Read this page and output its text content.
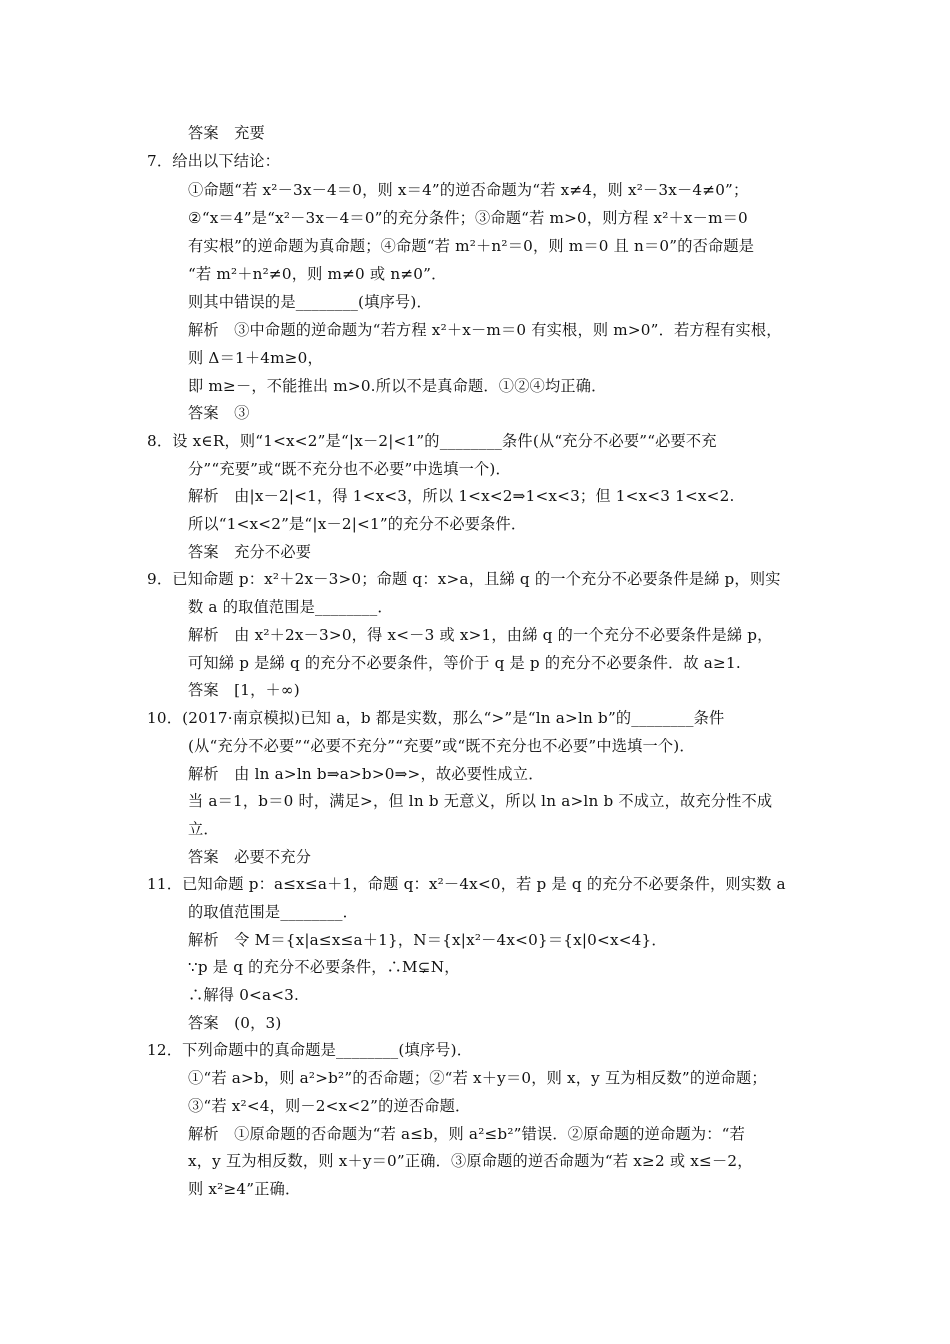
答案　充要
7．给出以下结论：
①命题“若 x²－3x－4＝0，则 x＝4”的逆否命题为“若 x≠4，则 x²－3x－4≠0”；
②“x＝4”是“x²－3x－4＝0”的充分条件；③命题“若 m>0，则方程 x²＋x－m＝0
有实根”的逆命题为真命题；④命题“若 m²＋n²＝0，则 m＝0 且 n＝0”的否命题是
“若 m²＋n²≠0，则 m≠0 或 n≠0”．
则其中错误的是________(填序号)．
解析　③中命题的逆命题为“若方程 x²＋x－m＝0 有实根，则 m>0”．若方程有实根，
则 Δ＝1＋4m≥0，
即 m≥－，不能推出 m>0.所以不是真命题．①②④均正确．
答案　③
8．设 x∈R，则“1<x<2”是“|x－2|<1”的________条件(从“充分不必要”“必要不充
分”“充要”或“既不充分也不必要”中选填一个)．
解析　由|x－2|<1，得 1<x<3，所以 1<x<2⇒1<x<3；但 1<x<3 1<x<2.
所以“1<x<2”是“|x－2|<1”的充分不必要条件．
答案　充分不必要
9．已知命题 p：x²＋2x－3>0；命题 q：x>a，且綈 q 的一个充分不必要条件是綈 p，则实
数 a 的取值范围是________．
解析　由 x²＋2x－3>0，得 x<－3 或 x>1，由綈 q 的一个充分不必要条件是綈 p，
可知綈 p 是綈 q 的充分不必要条件，等价于 q 是 p 的充分不必要条件．故 a≥1.
答案　[1，＋∞)
10．(2017·南京模拟)已知 a，b 都是实数，那么“>”是“ln a>ln b”的________条件
(从“充分不必要”“必要不充分”“充要”或“既不充分也不必要”中选填一个)．
解析　由 ln a>ln b⇒a>b>0⇒>，故必要性成立．
当 a＝1，b＝0 时，满足>，但 ln b 无意义，所以 ln a>ln b 不成立，故充分性不成
立．
答案　必要不充分
11．已知命题 p：a≤x≤a＋1，命题 q：x²－4x<0，若 p 是 q 的充分不必要条件，则实数 a
的取值范围是________．
解析　令 M＝{x|a≤x≤a＋1}，N＝{x|x²－4x<0}＝{x|0<x<4}．
∵p 是 q 的充分不必要条件，∴M⊊N，
∴解得 0<a<3.
答案　(0，3)
12．下列命题中的真命题是________(填序号)．
①“若 a>b，则 a²>b²”的否命题；②“若 x＋y＝0，则 x，y 互为相反数”的逆命题；
③“若 x²<4，则－2<x<2”的逆否命题．
解析　①原命题的否命题为“若 a≤b，则 a²≤b²”错误．②原命题的逆命题为：“若
x，y 互为相反数，则 x＋y＝0”正确．③原命题的逆否命题为“若 x≥2 或 x≤－2，
则 x²≥4”正确．
